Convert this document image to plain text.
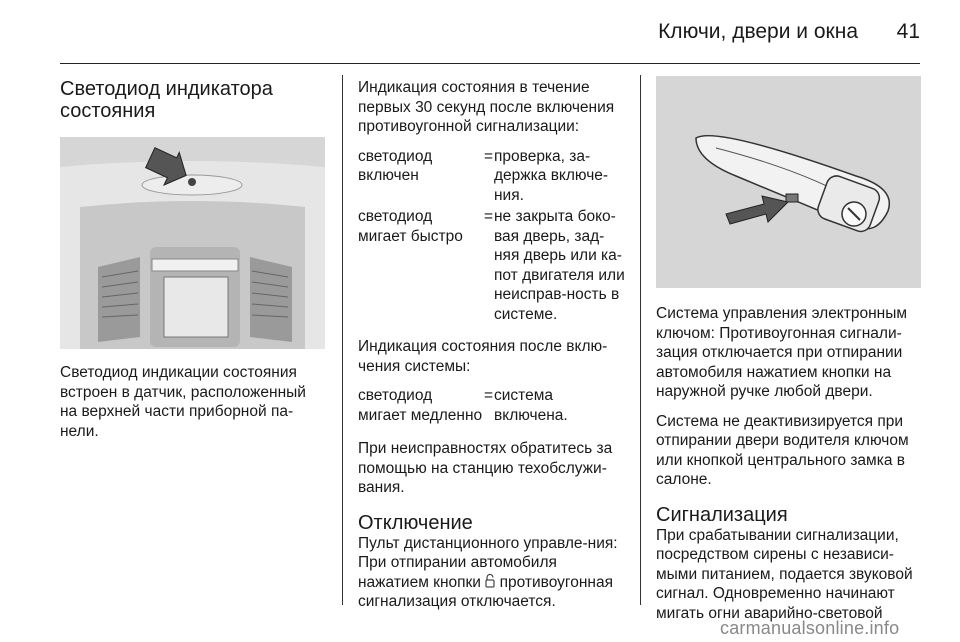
Ключи, двери и окна 41
Светодиод индикатора состояния

Светодиод индикации состояния встроен в датчик, расположенный на верхней части приборной па-нели.

Индикация состояния в течение первых 30 секунд после включения противоугонной сигнализации:

светодиод включен
= проверка, за-держка включе-ния.
светодиод мигает быстро
= не закрыта боко-вая дверь, зад-няя дверь или ка-пот двигателя или неисправ-ность в системе.

Индикация состояния после вклю-чения системы:

светодиод мигает медленно
= система включена.

При неисправностях обратитесь за помощью на станцию техобслужи-вания.

Отключение

Пульт дистанционного управле-ния: При отпирании автомобиля нажатием кнопки противоугонная сигнализация отключается.

Система управления электронным ключом: Противоугонная сигнали-зация отключается при отпирании автомобиля нажатием кнопки на наружной ручке любой двери.

Система не деактивизируется при отпирании двери водителя ключом или кнопкой центрального замка в салоне.

Сигнализация

При срабатывании сигнализации, посредством сирены с независи-мыми питанием, подается звуковой сигнал. Одновременно начинают мигать огни аварийно-световой

carmanualsonline.info
